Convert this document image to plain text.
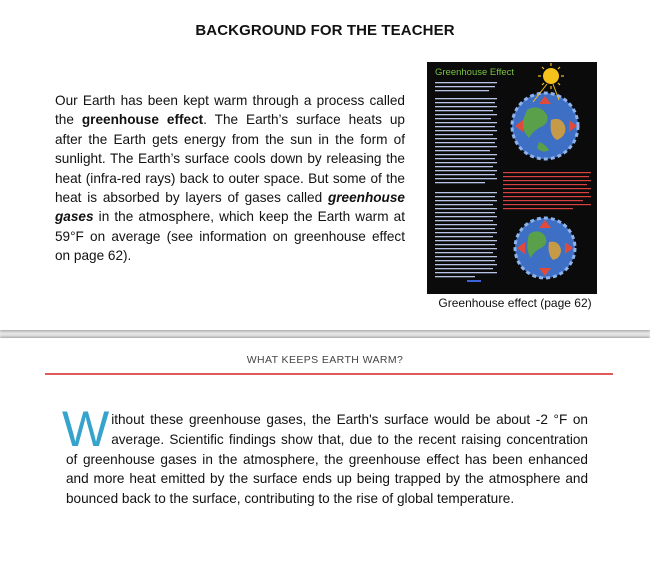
BACKGROUND FOR THE TEACHER
Our Earth has been kept warm through a process called the greenhouse effect. The Earth’s surface heats up after the Earth gets energy from the sun in the form of sunlight. The Earth’s surface cools down by releasing the heat (infra-red rays) back to outer space. But some of the heat is absorbed by layers of gases called greenhouse gases in the atmosphere, which keep the Earth warm at 59°F on average (see information on greenhouse effect on page 62).
Greenhouse Effect
Greenhouse effect (page 62)
WHAT KEEPS EARTH WARM?
Without these greenhouse gases, the Earth's surface would be about -2 °F on average. Scientific findings show that, due to the recent raising concentration of greenhouse gases in the atmosphere, the greenhouse effect has been enhanced and more heat emitted by the surface ends up being trapped by the atmosphere and bounced back to the surface, contributing to the rise of global temperature.
